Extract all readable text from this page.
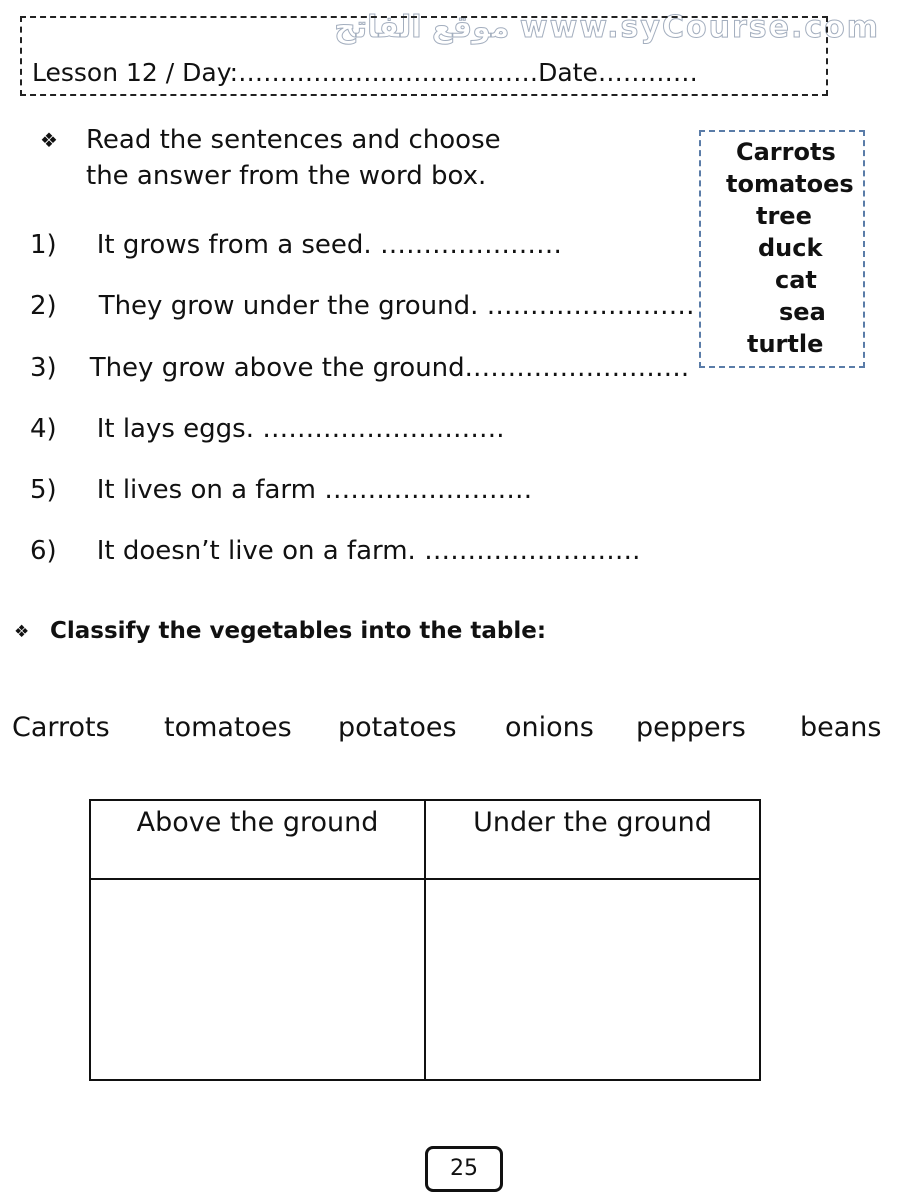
موقع الفاتح www.syCourse.com
Lesson 12 / Day:………………………………Date…………
❖ Read the sentences and choose
the answer from the word box.
1) It grows from a seed. …………………
2) They grow under the ground. ……………………
3) They grow above the ground.…………………….
4) It lays eggs. ……………………….
5) It lives on a farm ……………………
6) It doesn’t live on a farm. …………………….
Carrots
tomatoes
tree
duck
cat
sea
turtle
❖ Classify the vegetables into the table:
Carrots tomatoes potatoes onions peppers beans
Above the ground	Under the ground

25
